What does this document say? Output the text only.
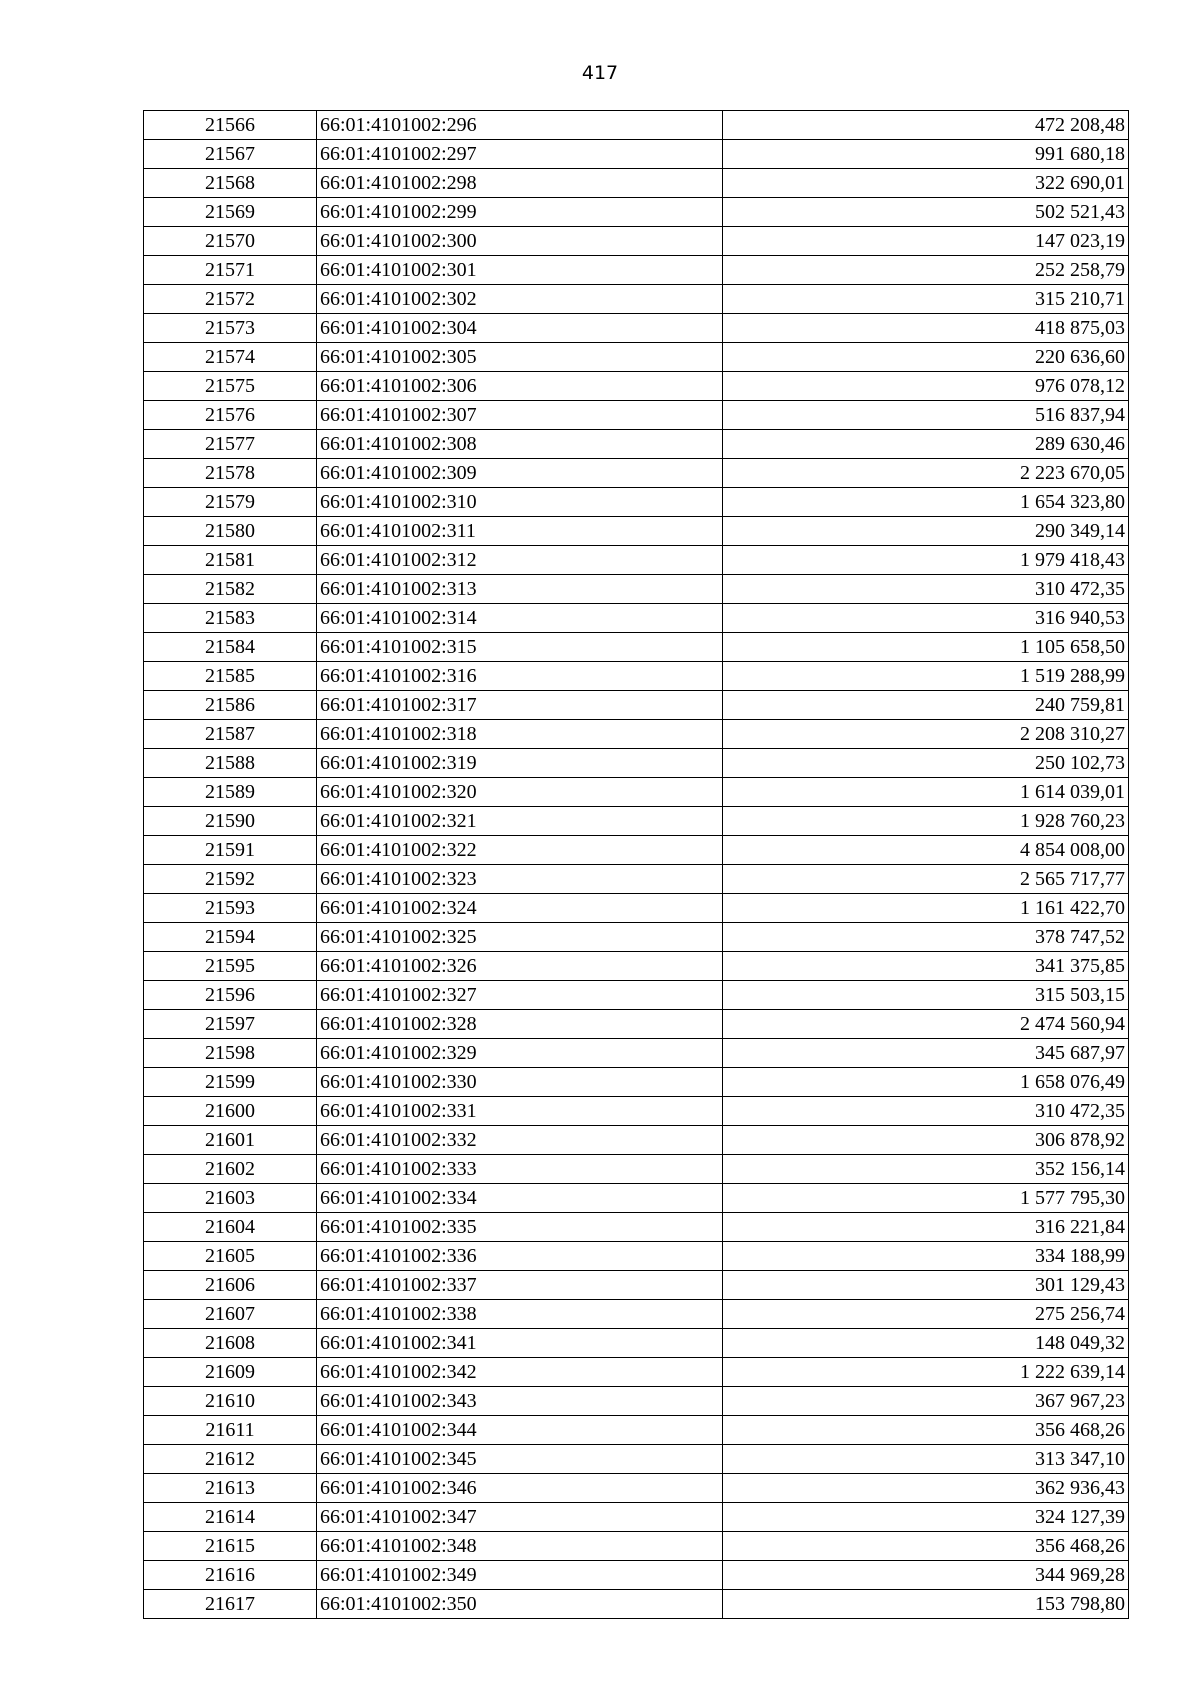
417
21566	66:01:4101002:296	472 208,48
21567	66:01:4101002:297	991 680,18
21568	66:01:4101002:298	322 690,01
21569	66:01:4101002:299	502 521,43
21570	66:01:4101002:300	147 023,19
21571	66:01:4101002:301	252 258,79
21572	66:01:4101002:302	315 210,71
21573	66:01:4101002:304	418 875,03
21574	66:01:4101002:305	220 636,60
21575	66:01:4101002:306	976 078,12
21576	66:01:4101002:307	516 837,94
21577	66:01:4101002:308	289 630,46
21578	66:01:4101002:309	2 223 670,05
21579	66:01:4101002:310	1 654 323,80
21580	66:01:4101002:311	290 349,14
21581	66:01:4101002:312	1 979 418,43
21582	66:01:4101002:313	310 472,35
21583	66:01:4101002:314	316 940,53
21584	66:01:4101002:315	1 105 658,50
21585	66:01:4101002:316	1 519 288,99
21586	66:01:4101002:317	240 759,81
21587	66:01:4101002:318	2 208 310,27
21588	66:01:4101002:319	250 102,73
21589	66:01:4101002:320	1 614 039,01
21590	66:01:4101002:321	1 928 760,23
21591	66:01:4101002:322	4 854 008,00
21592	66:01:4101002:323	2 565 717,77
21593	66:01:4101002:324	1 161 422,70
21594	66:01:4101002:325	378 747,52
21595	66:01:4101002:326	341 375,85
21596	66:01:4101002:327	315 503,15
21597	66:01:4101002:328	2 474 560,94
21598	66:01:4101002:329	345 687,97
21599	66:01:4101002:330	1 658 076,49
21600	66:01:4101002:331	310 472,35
21601	66:01:4101002:332	306 878,92
21602	66:01:4101002:333	352 156,14
21603	66:01:4101002:334	1 577 795,30
21604	66:01:4101002:335	316 221,84
21605	66:01:4101002:336	334 188,99
21606	66:01:4101002:337	301 129,43
21607	66:01:4101002:338	275 256,74
21608	66:01:4101002:341	148 049,32
21609	66:01:4101002:342	1 222 639,14
21610	66:01:4101002:343	367 967,23
21611	66:01:4101002:344	356 468,26
21612	66:01:4101002:345	313 347,10
21613	66:01:4101002:346	362 936,43
21614	66:01:4101002:347	324 127,39
21615	66:01:4101002:348	356 468,26
21616	66:01:4101002:349	344 969,28
21617	66:01:4101002:350	153 798,80
